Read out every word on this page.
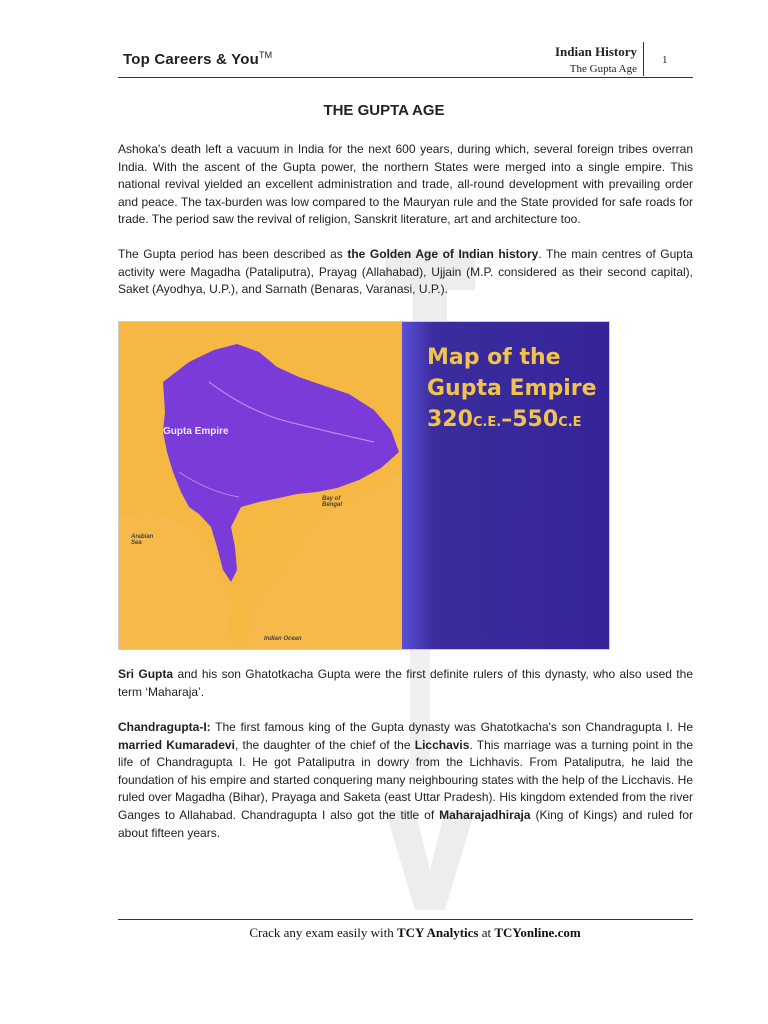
Top Careers & You™	Indian History
The Gupta Age
1
THE GUPTA AGE
Ashoka's death left a vacuum in India for the next 600 years, during which, several foreign tribes overran India. With the ascent of the Gupta power, the northern States were merged into a single empire. This national revival yielded an excellent administration and trade, all-round development with prevailing order and peace. The tax-burden was low compared to the Mauryan rule and the State provided for safe roads for trade. The period saw the revival of religion, Sanskrit literature, art and architecture too.
The Gupta period has been described as the Golden Age of Indian history. The main centres of Gupta activity were Magadha (Pataliputra), Prayag (Allahabad), Ujjain (M.P. considered as their second capital), Saket (Ayodhya, U.P.), and Sarnath (Benaras, Varanasi, U.P.).
Map of the
Gupta Empire
320C.E.–550C.E
Gupta Empire
Bay of Bengal
Arabian Sea
Indian Ocean
Sri Gupta and his son Ghatotkacha Gupta were the first definite rulers of this dynasty, who also used the term ‘Maharaja’.
Chandragupta-I: The first famous king of the Gupta dynasty was Ghatotkacha's son Chandragupta I. He married Kumaradevi, the daughter of the chief of the Licchavis. This marriage was a turning point in the life of Chandragupta I. He got Pataliputra in dowry from the Lichhavis. From Pataliputra, he laid the foundation of his empire and started conquering many neighbouring states with the help of the Licchavis. He ruled over Magadha (Bihar), Prayaga and Saketa (east Uttar Pradesh). His kingdom extended from the river Ganges to Allahabad. Chandragupta I also got the title of Maharajadhiraja (King of Kings) and ruled for about fifteen years.
Crack any exam easily with TCY Analytics at TCYonline.com
